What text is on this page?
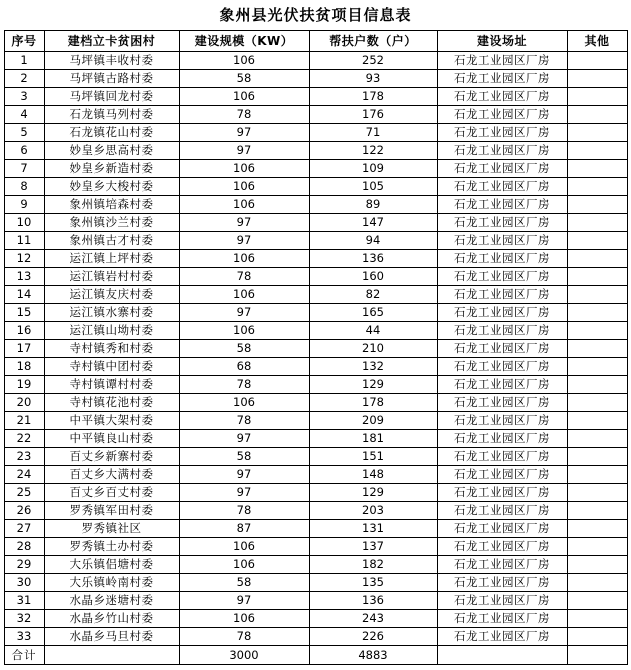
象州县光伏扶贫项目信息表
序号	建档立卡贫困村	建设规模（KW）	帮扶户数（户）	建设场址	其他
1	马坪镇丰收村委	106	252	石龙工业园区厂房	
2	马坪镇古路村委	58	93	石龙工业园区厂房	
3	马坪镇回龙村委	106	178	石龙工业园区厂房	
4	石龙镇马列村委	78	176	石龙工业园区厂房	
5	石龙镇花山村委	97	71	石龙工业园区厂房	
6	妙皇乡思高村委	97	122	石龙工业园区厂房	
7	妙皇乡新造村委	106	109	石龙工业园区厂房	
8	妙皇乡大梭村委	106	105	石龙工业园区厂房	
9	象州镇培森村委	106	89	石龙工业园区厂房	
10	象州镇沙兰村委	97	147	石龙工业园区厂房	
11	象州镇古才村委	97	94	石龙工业园区厂房	
12	运江镇上坪村委	106	136	石龙工业园区厂房	
13	运江镇岩村村委	78	160	石龙工业园区厂房	
14	运江镇友庆村委	106	82	石龙工业园区厂房	
15	运江镇水寨村委	97	165	石龙工业园区厂房	
16	运江镇山坳村委	106	44	石龙工业园区厂房	
17	寺村镇秀和村委	58	210	石龙工业园区厂房	
18	寺村镇中团村委	68	132	石龙工业园区厂房	
19	寺村镇谭村村委	78	129	石龙工业园区厂房	
20	寺村镇花池村委	106	178	石龙工业园区厂房	
21	中平镇大架村委	78	209	石龙工业园区厂房	
22	中平镇良山村委	97	181	石龙工业园区厂房	
23	百丈乡新寨村委	58	151	石龙工业园区厂房	
24	百丈乡大满村委	97	148	石龙工业园区厂房	
25	百丈乡百丈村委	97	129	石龙工业园区厂房	
26	罗秀镇军田村委	78	203	石龙工业园区厂房	
27	罗秀镇社区	87	131	石龙工业园区厂房	
28	罗秀镇土办村委	106	137	石龙工业园区厂房	
29	大乐镇侣塘村委	106	182	石龙工业园区厂房	
30	大乐镇岭南村委	58	135	石龙工业园区厂房	
31	水晶乡迷塘村委	97	136	石龙工业园区厂房	
32	水晶乡竹山村委	106	243	石龙工业园区厂房	
33	水晶乡马旦村委	78	226	石龙工业园区厂房	
合计		3000	4883		
